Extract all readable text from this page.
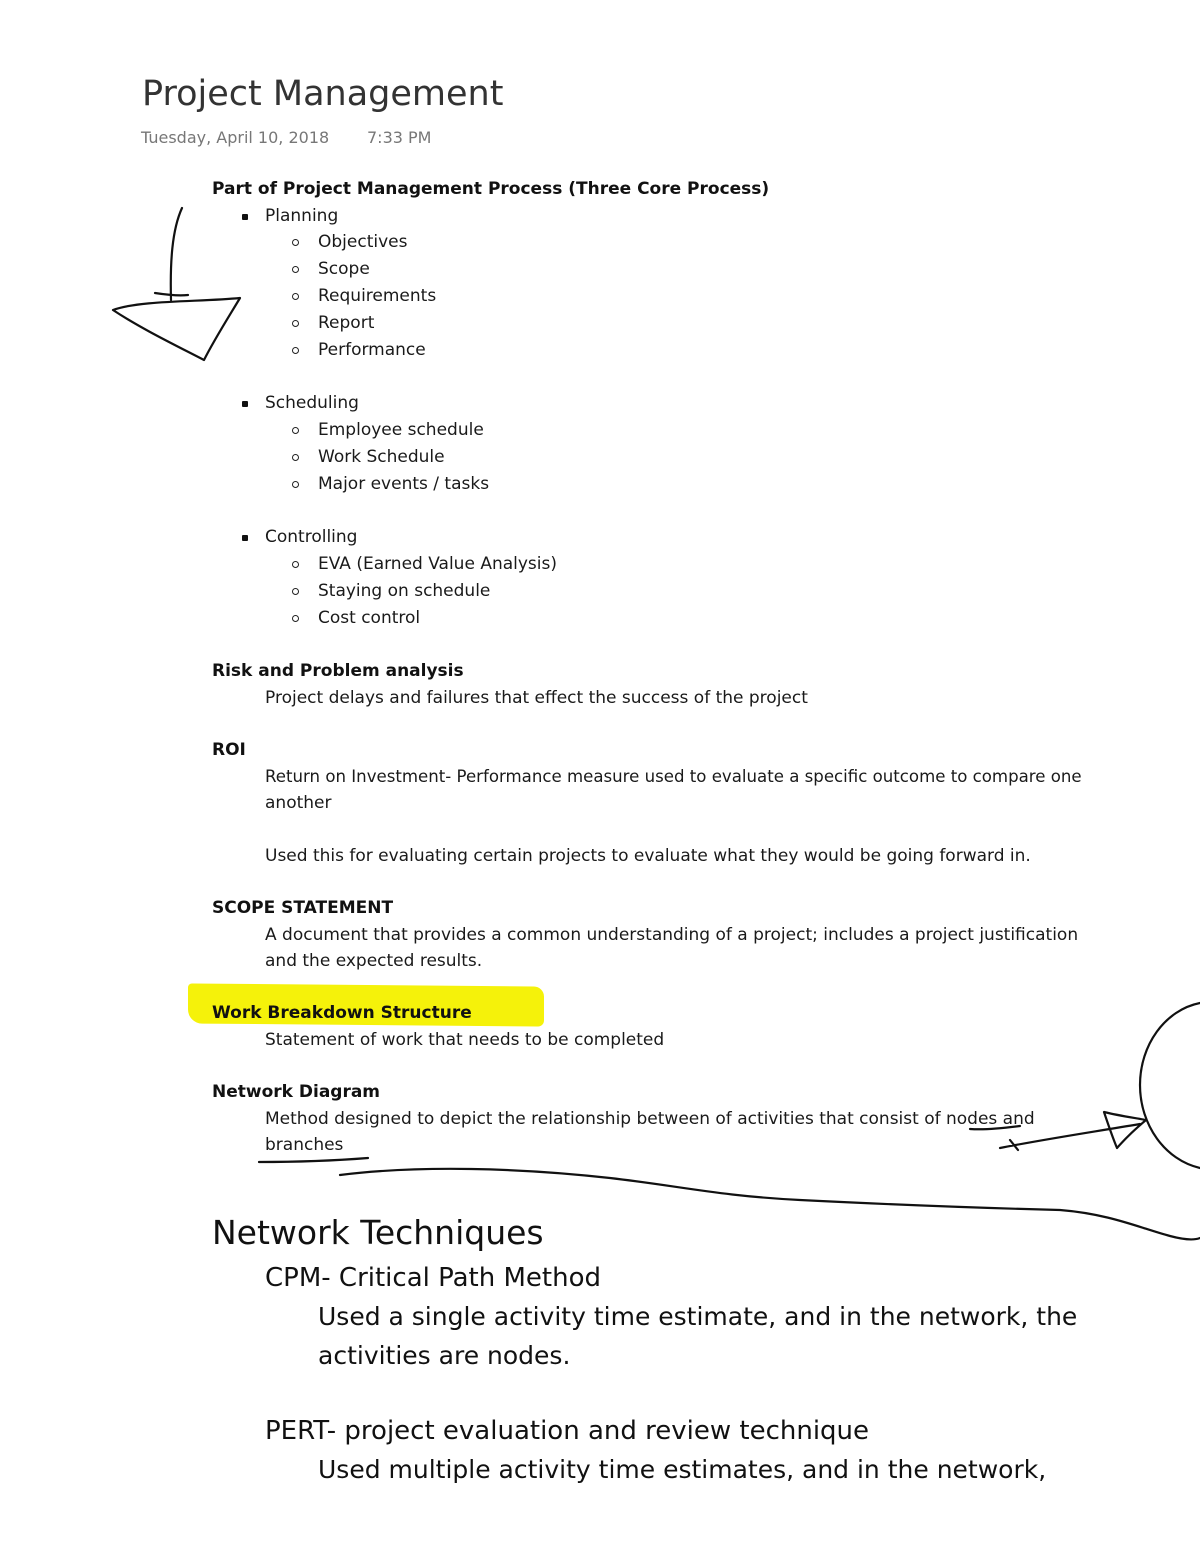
Project Management
Tuesday, April 10, 2018 7:33 PM
Part of Project Management Process (Three Core Process)
Planning
Objectives
Scope
Requirements
Report
Performance
Scheduling
Employee schedule
Work Schedule
Major events / tasks
Controlling
EVA (Earned Value Analysis)
Staying on schedule
Cost control
Risk and Problem analysis
Project delays and failures that effect the success of the project
ROI
Return on Investment- Performance measure used to evaluate a specific outcome to compare one
another
Used this for evaluating certain projects to evaluate what they would be going forward in.
SCOPE STATEMENT
A document that provides a common understanding of a project; includes a project justification
and the expected results.
Work Breakdown Structure
Statement of work that needs to be completed
Network Diagram
Method designed to depict the relationship between of activities that consist of nodes and
branches
Network Techniques
CPM- Critical Path Method
Used a single activity time estimate, and in the network, the
activities are nodes.
PERT- project evaluation and review technique
Used multiple activity time estimates, and in the network,
